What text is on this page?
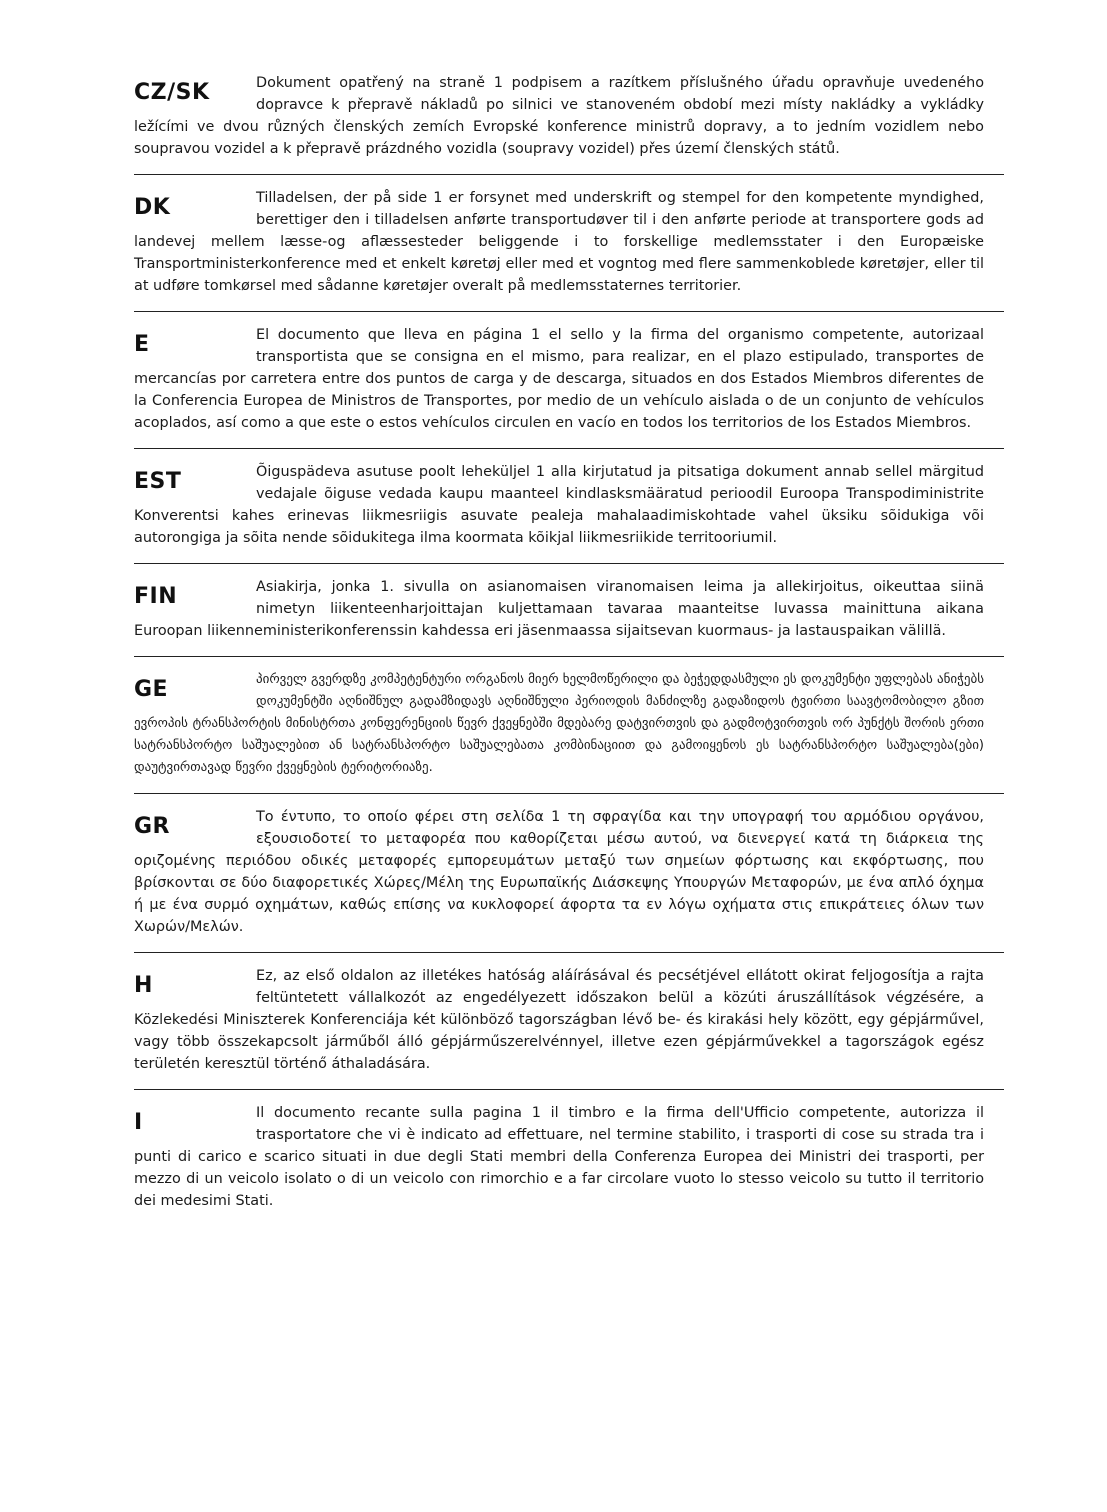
CZ/SK	Dokument opatřený na straně 1 podpisem a razítkem příslušného úřadu opravňuje uvedeného dopravce k přepravě nákladů po silnici ve stanoveném období mezi místy nakládky a vykládky ležícími ve dvou různých členských zemích Evropské konference ministrů dopravy, a to jedním vozidlem nebo soupravou vozidel a k přepravě prázdného vozidla (soupravy vozidel) přes území členských států.

DK	Tilladelsen, der på side 1 er forsynet med underskrift og stempel for den kompetente myndighed, berettiger den i tilladelsen anførte transportudøver til i den anførte periode at transportere gods ad landevej mellem læsse-og aflæssesteder beliggende i to forskellige medlemsstater i den Europæiske Transportministerkonference med et enkelt køretøj eller med et vogntog med flere sammenkoblede køretøjer, eller til at udføre tomkørsel med sådanne køretøjer overalt på medlemsstaternes territorier.

E	El documento que lleva en página 1 el sello y la firma del organismo competente, autorizaal transportista que se consigna en el mismo, para realizar, en el plazo estipulado, transportes de mercancías por carretera entre dos puntos de carga y de descarga, situados en dos Estados Miembros diferentes de la Conferencia Europea de Ministros de Transportes, por medio de un vehículo aislada o de un conjunto de vehículos acoplados, así como a que este o estos vehículos circulen en vacío en todos los territorios de los Estados Miembros.

EST	Õiguspädeva asutuse poolt leheküljel 1 alla kirjutatud ja pitsatiga dokument annab sellel märgitud vedajale õiguse vedada kaupu maanteel kindlasksmääratud perioodil Euroopa Transpodiministrite Konverentsi kahes erinevas liikmesriigis asuvate pealeja mahalaadimiskohtade vahel üksiku sõidukiga või autorongiga ja sõita nende sõidukitega ilma koormata kõikjal liikmesriikide territooriumil.

FIN	Asiakirja, jonka 1. sivulla on asianomaisen viranomaisen leima ja allekirjoitus, oikeuttaa siinä nimetyn liikenteenharjoittajan kuljettamaan tavaraa maanteitse luvassa mainittuna aikana Euroopan liikenneministerikonferenssin kahdessa eri jäsenmaassa sijaitsevan kuormaus- ja lastauspaikan välillä.

GE	პირველ გვერდზე კომპეტენტური ორგანოს მიერ ხელმოწერილი და ბეჭედდასმული ეს დოკუმენტი უფლებას ანიჭებს დოკუმენტში აღნიშნულ გადამზიდავს აღნიშნული პერიოდის მანძილზე გადაზიდოს ტვირთი საავტომობილო გზით ევროპის ტრანსპორტის მინისტრთა კონფერენციის წევრ ქვეყნებში მდებარე დატვირთვის და გადმოტვირთვის ორ პუნქტს შორის ერთი სატრანსპორტო საშუალებით ან სატრანსპორტო საშუალებათა კომბინაციით და გამოიყენოს ეს სატრანსპორტო საშუალება(ები) დაუტვირთავად წევრი ქვეყნების ტერიტორიაზე.

GR	Το έντυπο, το οποίο φέρει στη σελίδα 1 τη σφραγίδα και την υπογραφή του αρμόδιου οργάνου, εξουσιοδοτεί το μεταφορέα που καθορίζεται μέσω αυτού, να διενεργεί κατά τη διάρκεια της οριζομένης περιόδου οδικές μεταφορές εμπορευμάτων μεταξύ των σημείων φόρτωσης και εκφόρτωσης, που βρίσκονται σε δύο διαφορετικές Χώρες/Μέλη της Ευρωπαϊκής Διάσκεψης Υπουργών Μεταφορών, με ένα απλό όχημα ή με ένα συρμό οχημάτων, καθώς επίσης να κυκλοφορεί άφορτα τα εν λόγω οχήματα στις επικράτειες όλων των Χωρών/Μελών.

H	Ez, az első oldalon az illetékes hatóság aláírásával és pecsétjével ellátott okirat feljogosítja a rajta feltüntetett vállalkozót az engedélyezett időszakon belül a közúti áruszállítások végzésére, a Közlekedési Miniszterek Konferenciája két különböző tagországban lévő be- és kirakási hely között, egy gépjárművel, vagy több összekapcsolt járműből álló gépjárműszerelvénnyel, illetve ezen gépjárművekkel a tagországok egész területén keresztül történő áthaladására.

I	Il documento recante sulla pagina 1 il timbro e la firma dell'Ufficio competente, autorizza il trasportatore che vi è indicato ad effettuare, nel termine stabilito, i trasporti di cose su strada tra i punti di carico e scarico situati in due degli Stati membri della Conferenza Europea dei Ministri dei trasporti, per mezzo di un veicolo isolato o di un veicolo con rimorchio e a far circolare vuoto lo stesso veicolo su tutto il territorio dei medesimi Stati.
